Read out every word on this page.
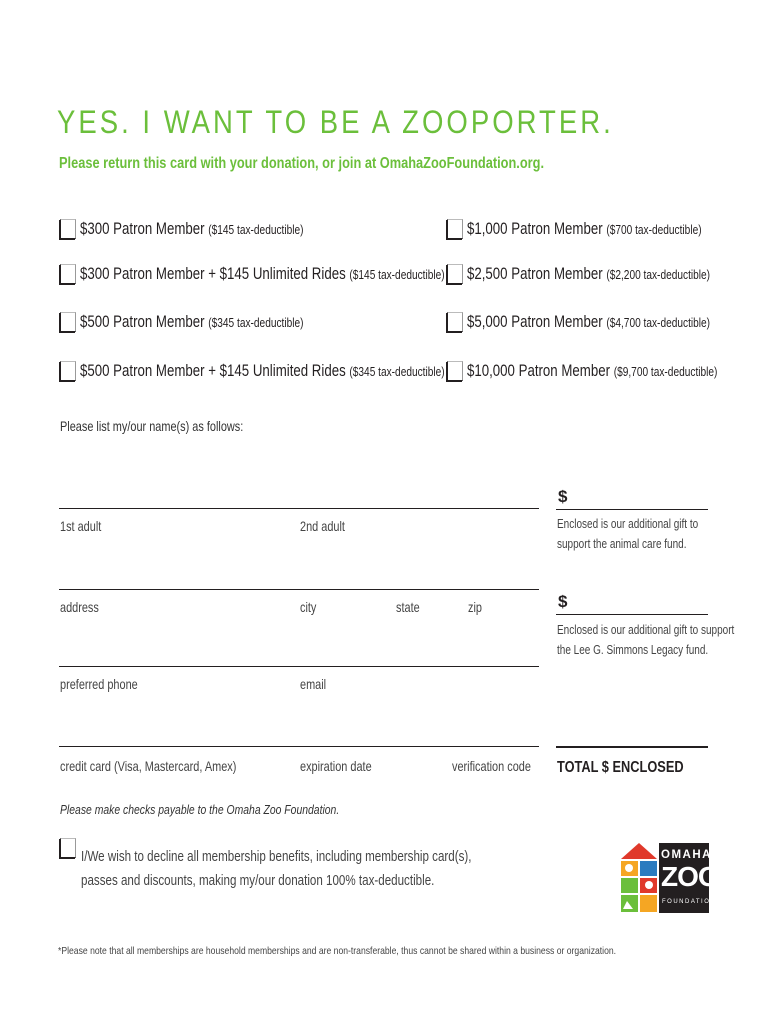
YES. I WANT TO BE A ZOOPORTER.
Please return this card with your donation, or join at OmahaZooFoundation.org.
$300 Patron Member ($145 tax-deductible)	$1,000 Patron Member ($700 tax-deductible)
$300 Patron Member + $145 Unlimited Rides ($145 tax-deductible) $2,500 Patron Member ($2,200 tax-deductible)
$500 Patron Member ($345 tax-deductible)	$5,000 Patron Member ($4,700 tax-deductible)
$500 Patron Member + $145 Unlimited Rides ($345 tax-deductible) $10,000 Patron Member ($9,700 tax-deductible)
Please list my/our name(s) as follows:
1st adult	2nd adult
address	city	state	zip
preferred phone	email
credit card (Visa, Mastercard, Amex)	expiration date	verification code
$
Enclosed is our additional gift to
support the animal care fund.
$
Enclosed is our additional gift to support
the Lee G. Simmons Legacy fund.
TOTAL $ ENCLOSED
Please make checks payable to the Omaha Zoo Foundation.
I/We wish to decline all membership benefits, including membership card(s),
passes and discounts, making my/our donation 100% tax-deductible.
OMAHA
ZOO
FOUNDATION
*Please note that all memberships are household memberships and are non-transferable, thus cannot be shared within a business or organization.
